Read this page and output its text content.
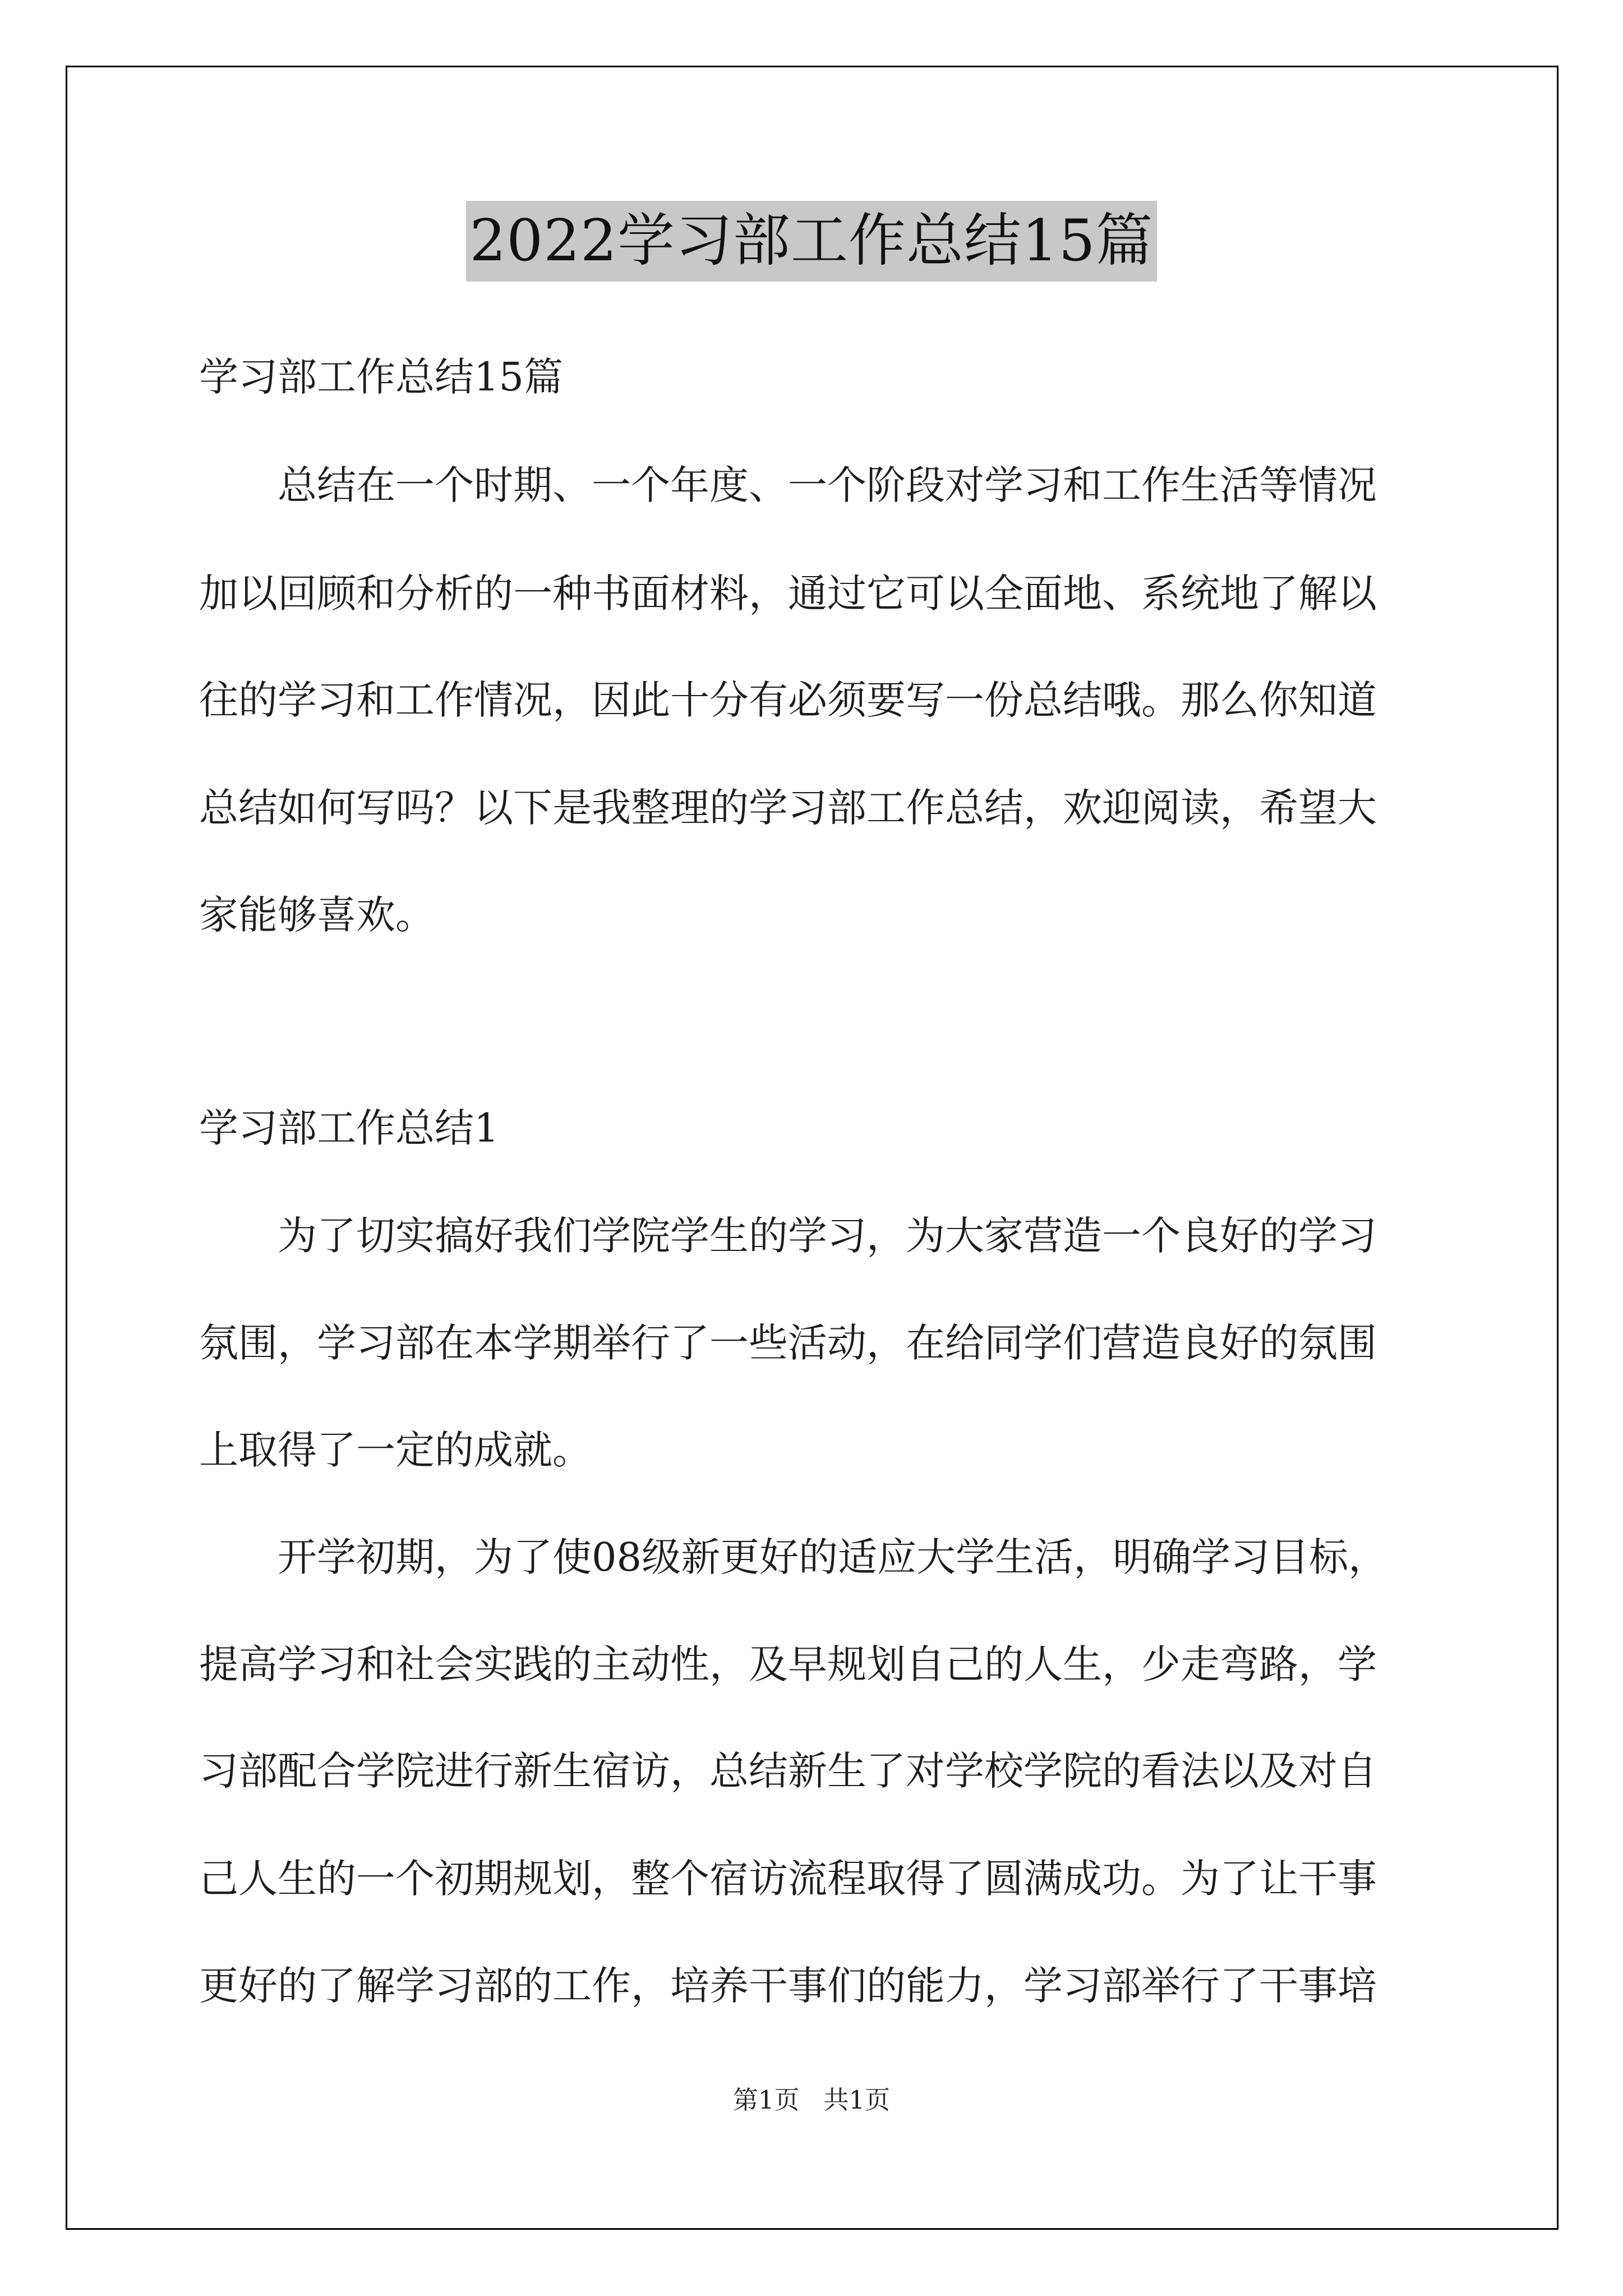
2022学习部工作总结15篇
学习部工作总结15篇
　　总结在一个时期、一个年度、一个阶段对学习和工作生活等情况
加以回顾和分析的一种书面材料，通过它可以全面地、系统地了解以
往的学习和工作情况，因此十分有必须要写一份总结哦。那么你知道
总结如何写吗？以下是我整理的学习部工作总结，欢迎阅读，希望大
家能够喜欢。
学习部工作总结1
　　为了切实搞好我们学院学生的学习，为大家营造一个良好的学习
氛围，学习部在本学期举行了一些活动，在给同学们营造良好的氛围
上取得了一定的成就。
　　开学初期，为了使08级新更好的适应大学生活，明确学习目标，
提高学习和社会实践的主动性，及早规划自己的人生，少走弯路，学
习部配合学院进行新生宿访，总结新生了对学校学院的看法以及对自
己人生的一个初期规划，整个宿访流程取得了圆满成功。为了让干事
更好的了解学习部的工作，培养干事们的能力，学习部举行了干事培
第1页   共1页
